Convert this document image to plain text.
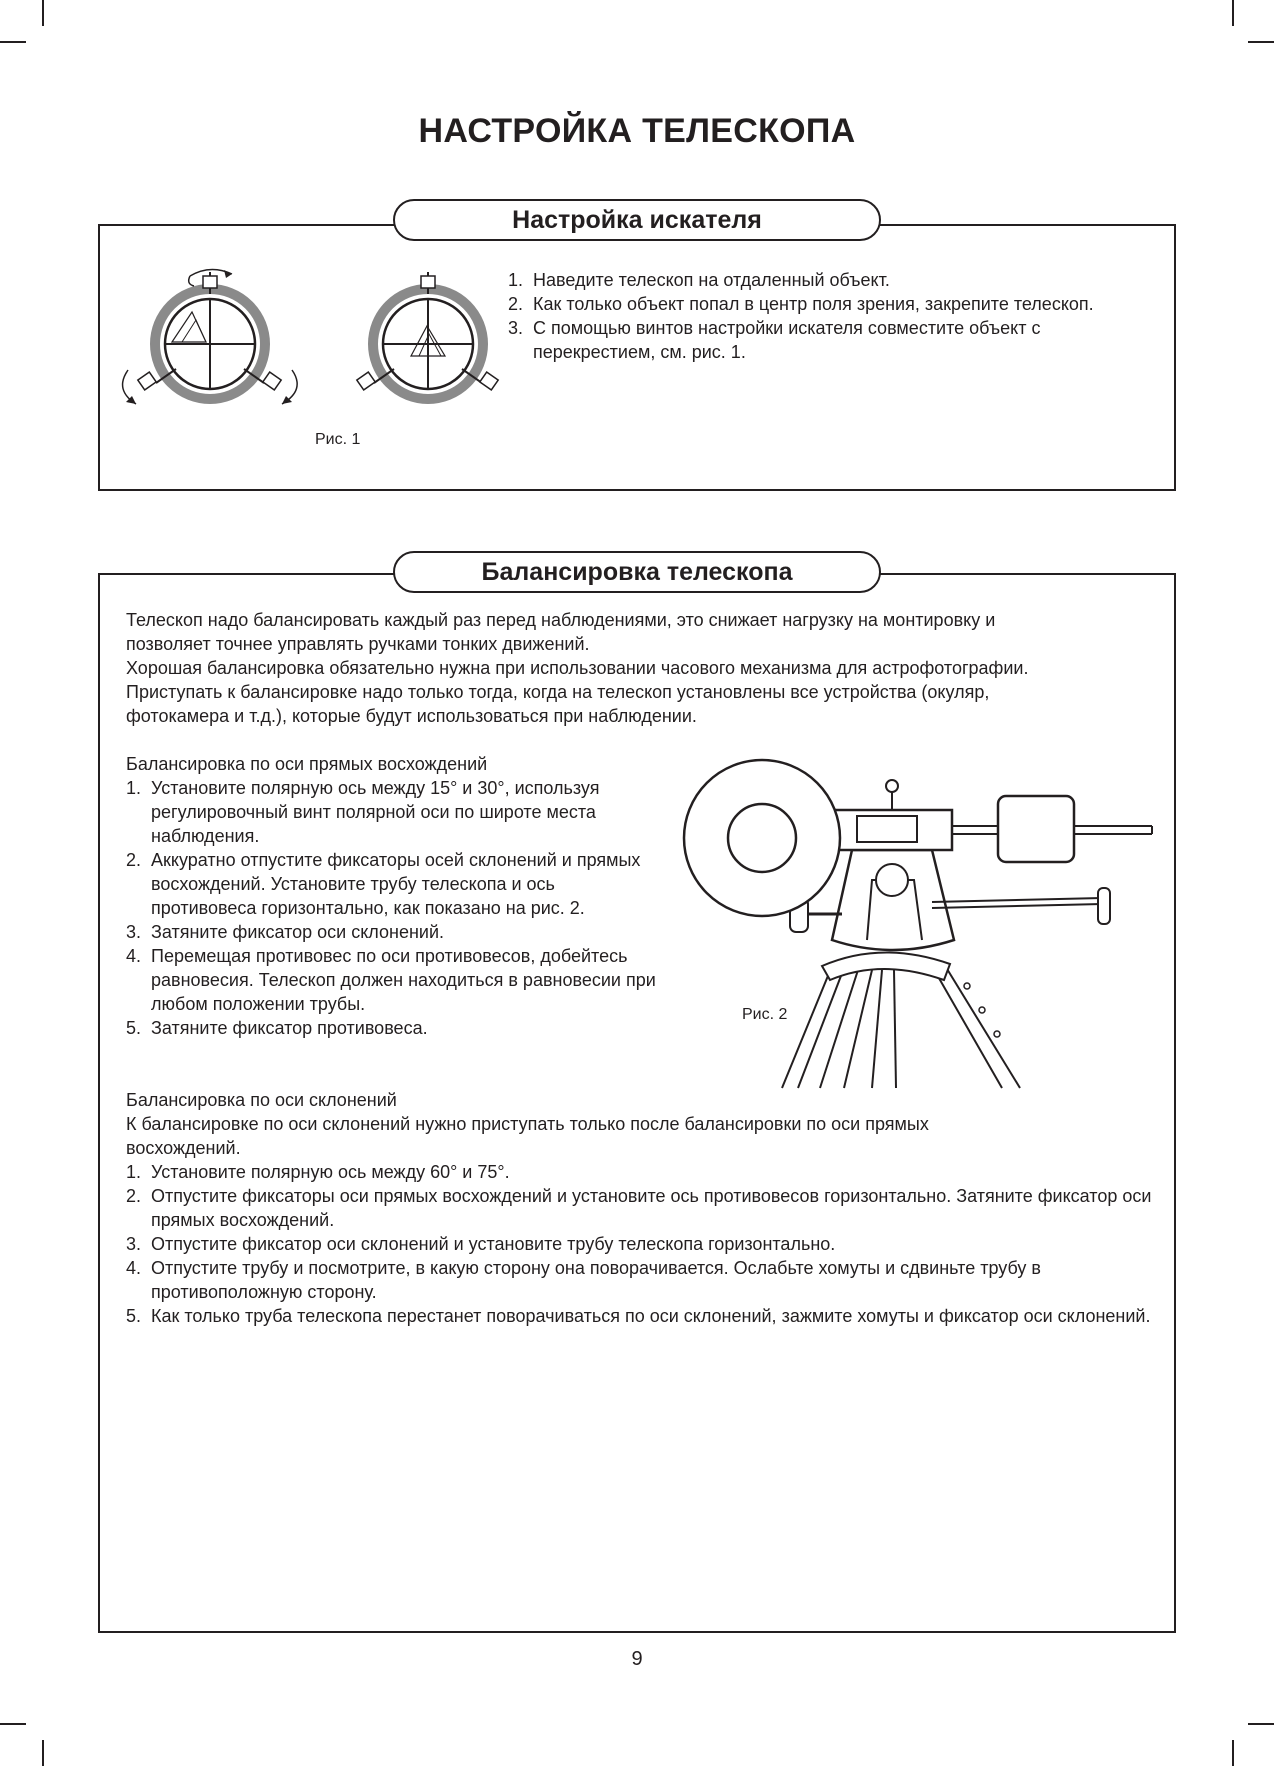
НАСТРОЙКА ТЕЛЕСКОПА
Настройка искателя
Рис. 1
1. Наведите телескоп на отдаленный объект.
2. Как только объект попал в центр поля зрения, закрепите телескоп.
3. С помощью винтов настройки искателя совместите объект с перекрестием, см. рис. 1.
Балансировка телескопа
Телескоп надо балансировать каждый раз перед наблюдениями, это снижает нагрузку на монтировку и
позволяет точнее управлять ручками тонких движений.
Хорошая балансировка обязательно нужна при использовании часового механизма для астрофотографии.
Приступать к балансировке надо только тогда, когда на телескоп установлены все устройства (окуляр,
фотокамера и т.д.), которые будут использоваться при наблюдении.
Балансировка по оси прямых восхождений
1. Установите полярную ось между 15° и 30°, используя регулировочный винт полярной оси по широте места наблюдения.
2. Аккуратно отпустите фиксаторы осей склонений и прямых восхождений. Установите трубу телескопа и ось противовеса горизонтально, как показано на рис. 2.
3. Затяните фиксатор оси склонений.
4. Перемещая противовес по оси противовесов, добейтесь равновесия. Телескоп должен находиться в равновесии при любом положении трубы.
5. Затяните фиксатор противовеса.
Рис. 2
Балансировка по оси склонений
К балансировке по оси склонений нужно приступать только после балансировки по оси прямых
восхождений.
1. Установите полярную ось между 60° и 75°.
2. Отпустите фиксаторы оси прямых восхождений и установите ось противовесов горизонтально. Затяните фиксатор оси прямых восхождений.
3. Отпустите фиксатор оси склонений и установите трубу телескопа горизонтально.
4. Отпустите трубу и посмотрите, в какую сторону она поворачивается. Ослабьте хомуты и сдвиньте трубу в противоположную сторону.
5. Как только труба телескопа перестанет поворачиваться по оси склонений, зажмите хомуты и фиксатор оси склонений.
9
